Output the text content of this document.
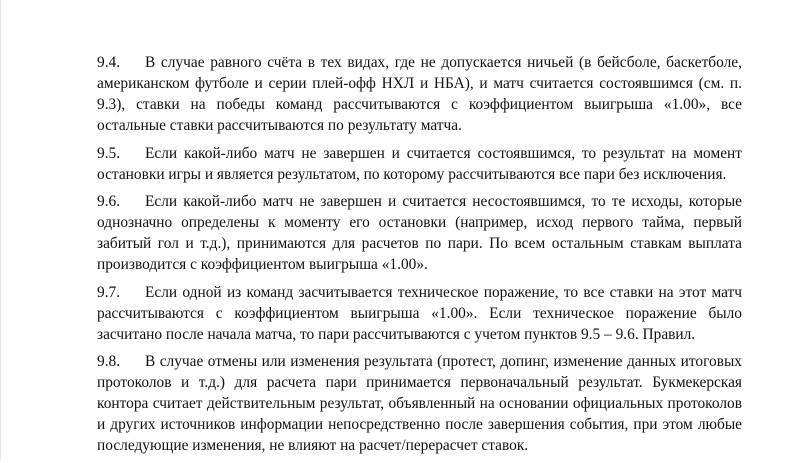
9.4. В случае равного счёта в тех видах, где не допускается ничьей (в бейсболе, баскетболе, американском футболе и серии плей-офф НХЛ и НБА), и матч считается состоявшимся (см. п. 9.3), ставки на победы команд рассчитываются с коэффициентом выигрыша «1.00», все остальные ставки рассчитываются по результату матча.

9.5. Если какой-либо матч не завершен и считается состоявшимся, то результат на момент остановки игры и является результатом, по которому рассчитываются все пари без исключения.

9.6. Если какой-либо матч не завершен и считается несостоявшимся, то те исходы, которые однозначно определены к моменту его остановки (например, исход первого тайма, первый забитый гол и т.д.), принимаются для расчетов по пари. По всем остальным ставкам выплата производится с коэффициентом выигрыша «1.00».

9.7. Если одной из команд засчитывается техническое поражение, то все ставки на этот матч рассчитываются с коэффициентом выигрыша «1.00». Если техническое поражение было засчитано после начала матча, то пари рассчитываются с учетом пунктов 9.5 – 9.6. Правил.

9.8. В случае отмены или изменения результата (протест, допинг, изменение данных итоговых протоколов и т.д.) для расчета пари принимается первоначальный результат. Букмекерская контора считает действительным результат, объявленный на основании официальных протоколов и других источников информации непосредственно после завершения события, при этом любые последующие изменения, не влияют на расчет/перерасчет ставок.
